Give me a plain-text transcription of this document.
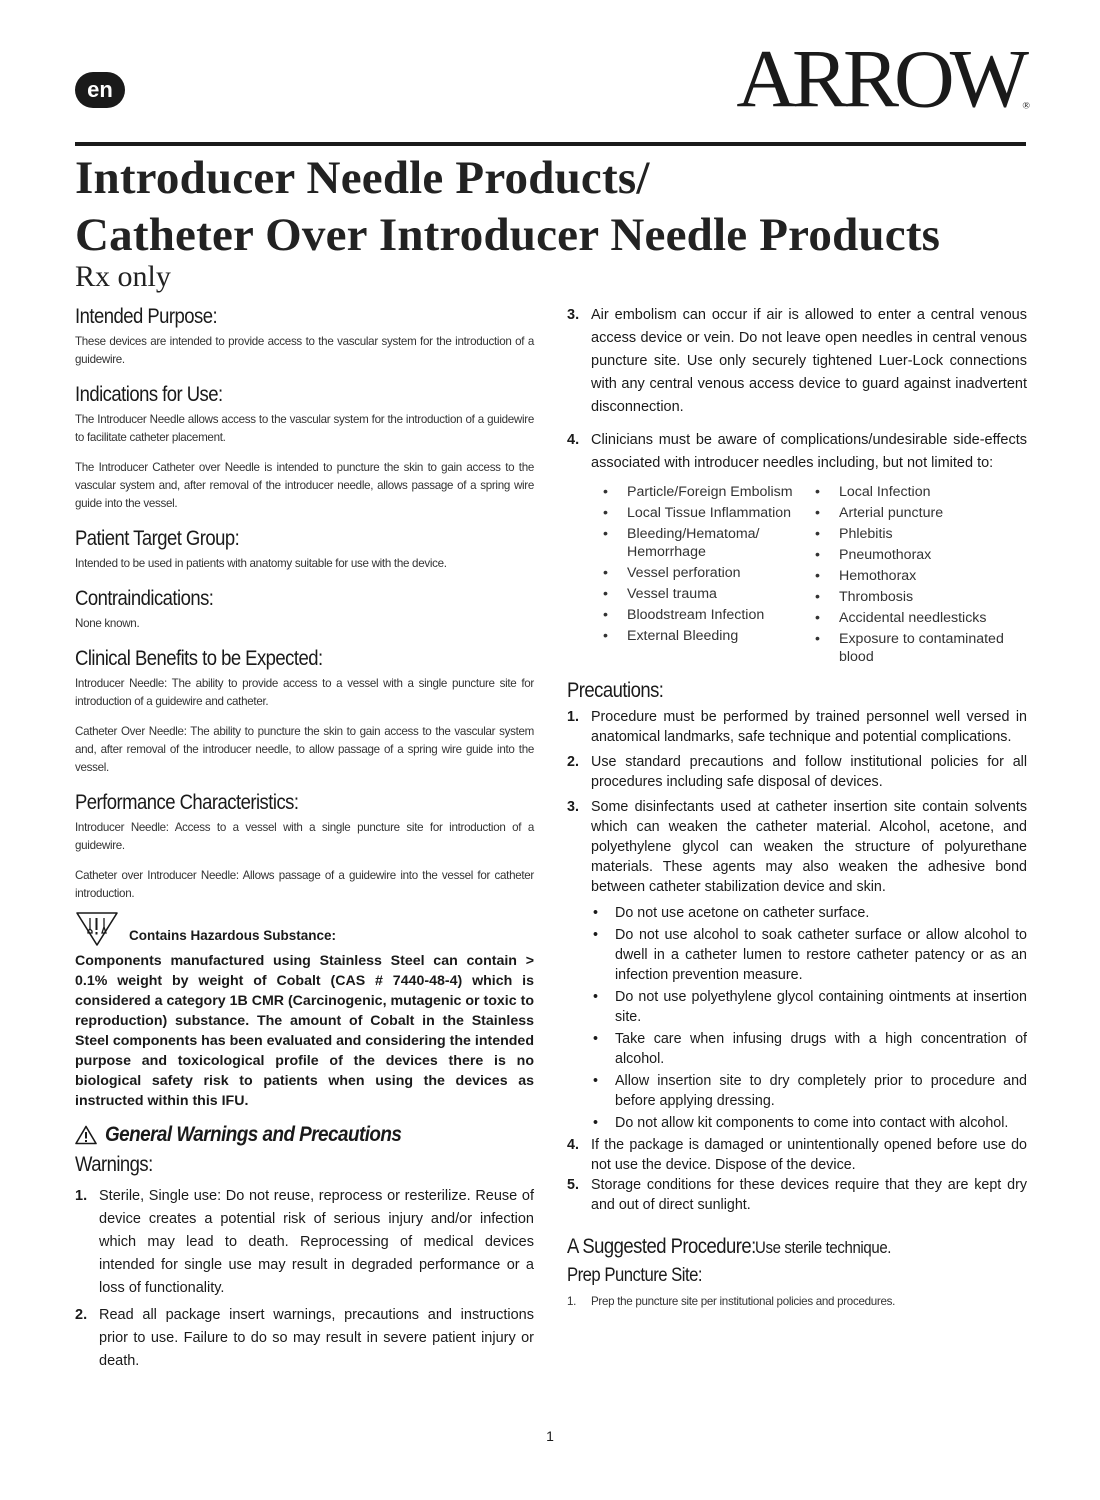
en	ARROW
®
Introducer Needle Products/
Catheter Over Introducer Needle Products
Rx only
Intended Purpose:

These devices are intended to provide access to the vascular system for the introduction of a guidewire.

Indications for Use:

The Introducer Needle allows access to the vascular system for the introduction of a guidewire to facilitate catheter placement.

The Introducer Catheter over Needle is intended to puncture the skin to gain access to the vascular system and, after removal of the introducer needle, allows passage of a spring wire guide into the vessel.

Patient Target Group:

Intended to be used in patients with anatomy suitable for use with the device.

Contraindications:

None known.

Clinical Benefits to be Expected:

Introducer Needle: The ability to provide access to a vessel with a single puncture site for introduction of a guidewire and catheter.

Catheter Over Needle: The ability to puncture the skin to gain access to the vascular system and, after removal of the introducer needle, to allow passage of a spring wire guide into the vessel.

Performance Characteristics:

Introducer Needle: Access to a vessel with a single puncture site for introduction of a guidewire.

Catheter over Introducer Needle: Allows passage of a guidewire into the vessel for catheter introduction.

Contains Hazardous Substance:

Components manufactured using Stainless Steel can contain > 0.1% weight by weight of Cobalt (CAS # 7440-48-4) which is considered a category 1B CMR (Carcinogenic, mutagenic or toxic to reproduction) substance. The amount of Cobalt in the Stainless Steel components has been evaluated and considering the intended purpose and toxicological profile of the devices there is no biological safety risk to patients when using the devices as instructed within this IFU.

General Warnings and Precautions
Warnings:
1. Sterile, Single use: Do not reuse, reprocess or resterilize. Reuse of device creates a potential risk of serious injury and/or infection which may lead to death. Reprocessing of medical devices intended for single use may result in degraded performance or a loss of functionality.
2. Read all package insert warnings, precautions and instructions prior to use. Failure to do so may result in severe patient injury or death.
3. Air embolism can occur if air is allowed to enter a central venous access device or vein. Do not leave open needles in central venous puncture site. Use only securely tightened Luer-Lock connections with any central venous access device to guard against inadvertent disconnection.
4. Clinicians must be aware of complications/undesirable side-effects associated with introducer needles including, but not limited to:
• Particle/Foreign Embolism
• Local Tissue Inflammation
• Bleeding/Hematoma/ Hemorrhage
• Vessel perforation
• Vessel trauma
• Bloodstream Infection
• External Bleeding
• Local Infection
• Arterial puncture
• Phlebitis
• Pneumothorax
• Hemothorax
• Thrombosis
• Accidental needlesticks
• Exposure to contaminated blood
Precautions:
1. Procedure must be performed by trained personnel well versed in anatomical landmarks, safe technique and potential complications.
2. Use standard precautions and follow institutional policies for all procedures including safe disposal of devices.
3. Some disinfectants used at catheter insertion site contain solvents which can weaken the catheter material. Alcohol, acetone, and polyethylene glycol can weaken the structure of polyurethane materials. These agents may also weaken the adhesive bond between catheter stabilization device and skin.
• Do not use acetone on catheter surface.
• Do not use alcohol to soak catheter surface or allow alcohol to dwell in a catheter lumen to restore catheter patency or as an infection prevention measure.
• Do not use polyethylene glycol containing ointments at insertion site.
• Take care when infusing drugs with a high concentration of alcohol.
• Allow insertion site to dry completely prior to procedure and before applying dressing.
• Do not allow kit components to come into contact with alcohol.
4. If the package is damaged or unintentionally opened before use do not use the device. Dispose of the device.
5. Storage conditions for these devices require that they are kept dry and out of direct sunlight.
A Suggested Procedure: Use sterile technique.
Prep Puncture Site:

1. Prep the puncture site per institutional policies and procedures.

1
